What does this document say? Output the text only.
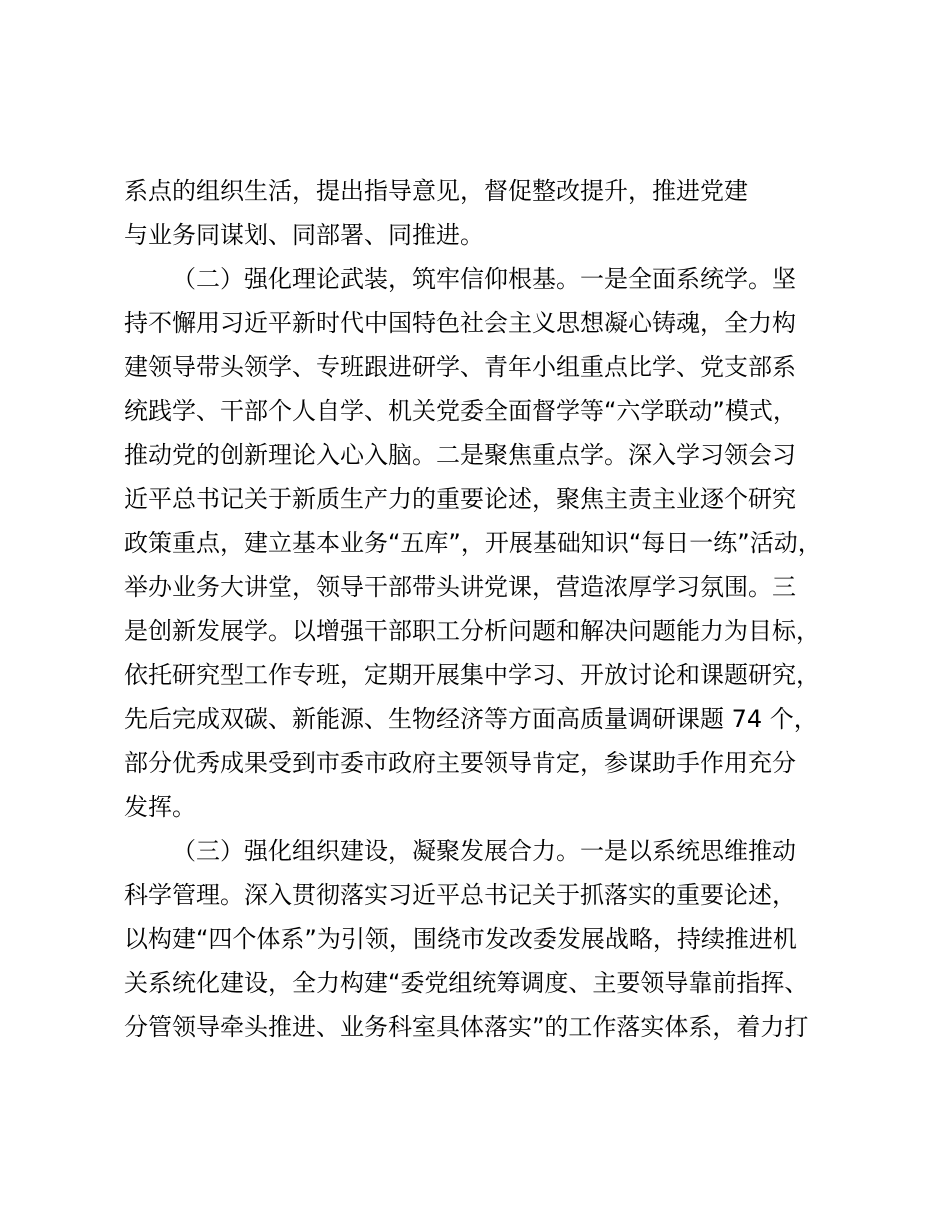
系点的组织生活，提出指导意见，督促整改提升，推进党建
与业务同谋划、同部署、同推进。
（二）强化理论武装，筑牢信仰根基。一是全面系统学。坚
持不懈用习近平新时代中国特色社会主义思想凝心铸魂，全力构
建领导带头领学、专班跟进研学、青年小组重点比学、党支部系
统践学、干部个人自学、机关党委全面督学等“六学联动”模式，
推动党的创新理论入心入脑。二是聚焦重点学。深入学习领会习
近平总书记关于新质生产力的重要论述，聚焦主责主业逐个研究
政策重点，建立基本业务“五库”，开展基础知识“每日一练”活动，
举办业务大讲堂，领导干部带头讲党课，营造浓厚学习氛围。三
是创新发展学。以增强干部职工分析问题和解决问题能力为目标，
依托研究型工作专班，定期开展集中学习、开放讨论和课题研究，
先后完成双碳、新能源、生物经济等方面高质量调研课题 74 个，
部分优秀成果受到市委市政府主要领导肯定，参谋助手作用充分
发挥。
（三）强化组织建设，凝聚发展合力。一是以系统思维推动
科学管理。深入贯彻落实习近平总书记关于抓落实的重要论述，
以构建“四个体系”为引领，围绕市发改委发展战略，持续推进机
关系统化建设，全力构建“委党组统筹调度、主要领导靠前指挥、
分管领导牵头推进、业务科室具体落实”的工作落实体系，着力打
